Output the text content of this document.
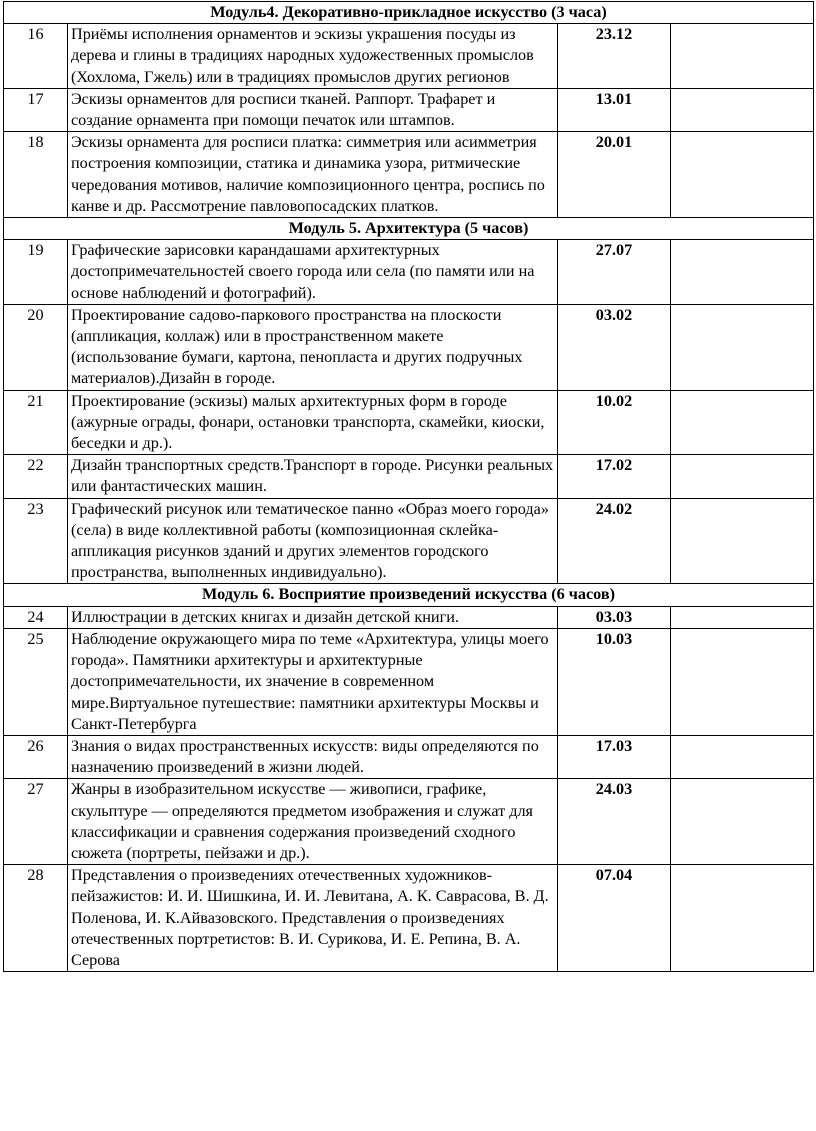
Модуль4. Декоративно-прикладное искусство (3 часа)			
16	Приёмы исполнения орнаментов и эскизы украшения посуды из дерева и глины в традициях народных художественных промыслов (Хохлома, Гжель) или в традициях промыслов других регионов	23.12	
17	Эскизы орнаментов для росписи тканей. Раппорт. Трафарет и создание орнамента при помощи печаток или штампов.	13.01	
18	Эскизы орнамента для росписи платка: симметрия или асимметрия построения композиции, статика и динамика узора, ритмические чередования мотивов, наличие композиционного центра, роспись по канве и др. Рассмотрение павловопосадских платков.	20.01	
Модуль 5. Архитектура (5 часов)			
19	Графические зарисовки карандашами архитектурных достопримечательностей своего города или села (по памяти или на основе наблюдений и фотографий).	27.07	
20	Проектирование садово-паркового пространства на плоскости (аппликация, коллаж) или в пространственном макете (использование бумаги, картона, пенопласта и других подручных материалов).Дизайн в городе.	03.02	
21	Проектирование (эскизы) малых архитектурных форм в городе (ажурные ограды, фонари, остановки транспорта, скамейки, киоски, беседки и др.).	10.02	
22	Дизайн транспортных средств.Транспорт в городе. Рисунки реальных или фантастических машин.	17.02	
23	Графический рисунок или тематическое панно «Образ моего города» (села) в виде коллективной работы (композиционная склейка-аппликация рисунков зданий и других элементов городского пространства, выполненных индивидуально).	24.02	
Модуль 6. Восприятие произведений искусства (6 часов)			
24	Иллюстрации в детских книгах и дизайн детской книги.	03.03	
25	Наблюдение окружающего мира по теме «Архитектура, улицы моего города». Памятники архитектуры и архитектурные достопримечательности, их значение в современном мире.Виртуальное путешествие: памятники архитектуры Москвы и Санкт-Петербурга	10.03	
26	Знания о видах пространственных искусств: виды определяются по назначению произведений в жизни людей.	17.03	
27	Жанры в изобразительном искусстве — живописи, графике, скульптуре — определяются предметом изображения и служат для классификации и сравнения содержания произведений сходного сюжета (портреты, пейзажи и др.).	24.03	
28	Представления о произведениях отечественных художников-пейзажистов: И. И. Шишкина, И. И. Левитана, А. К. Саврасова, В. Д. Поленова, И. К.Айвазовского. Представления о произведениях отечественных портретистов: В. И. Сурикова, И. Е. Репина, В. А. Серова	07.04	
